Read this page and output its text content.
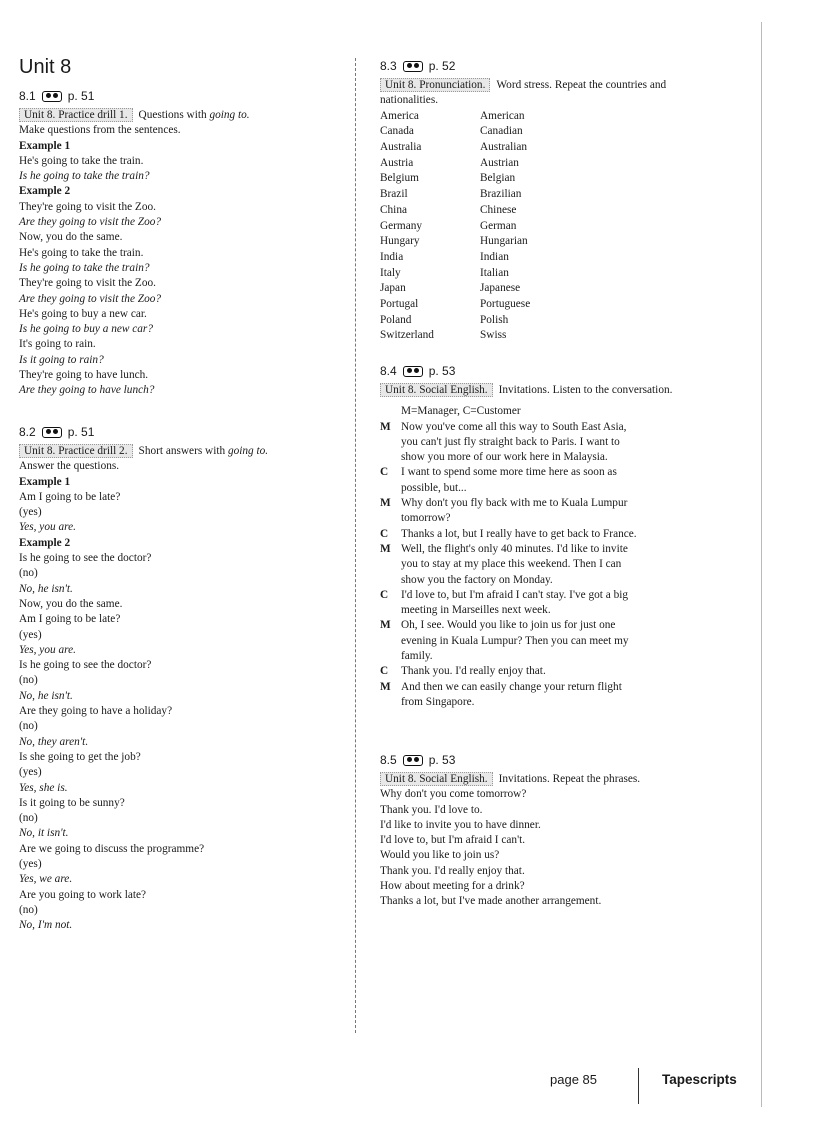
Unit 8
8.1	p. 51
Unit 8. Practice drill 1. Questions with going to.
Make questions from the sentences.
Example 1
He's going to take the train.
Is he going to take the train?
Example 2
They're going to visit the Zoo.
Are they going to visit the Zoo?
Now, you do the same.
He's going to take the train.
Is he going to take the train?
They're going to visit the Zoo.
Are they going to visit the Zoo?
He's going to buy a new car.
Is he going to buy a new car?
It's going to rain.
Is it going to rain?
They're going to have lunch.
Are they going to have lunch?
8.2	p. 51
Unit 8. Practice drill 2. Short answers with going to.
Answer the questions.
Example 1
Am I going to be late?
(yes)
Yes, you are.
Example 2
Is he going to see the doctor?
(no)
No, he isn't.
Now, you do the same.
Am I going to be late?
(yes)
Yes, you are.
Is he going to see the doctor?
(no)
No, he isn't.
Are they going to have a holiday?
(no)
No, they aren't.
Is she going to get the job?
(yes)
Yes, she is.
Is it going to be sunny?
(no)
No, it isn't.
Are we going to discuss the programme?
(yes)
Yes, we are.
Are you going to work late?
(no)
No, I'm not.
8.3	p. 52
Unit 8. Pronunciation. Word stress. Repeat the countries and nationalities.
America	American
Canada	Canadian
Australia	Australian
Austria	Austrian
Belgium	Belgian
Brazil	Brazilian
China	Chinese
Germany	German
Hungary	Hungarian
India	Indian
Italy	Italian
Japan	Japanese
Portugal	Portuguese
Poland	Polish
Switzerland	Swiss
8.4	p. 53
Unit 8. Social English. Invitations. Listen to the conversation.
M=Manager, C=Customer
M Now you've come all this way to South East Asia,
you can't just fly straight back to Paris. I want to
show you more of our work here in Malaysia.
C	I want to spend some more time here as soon as
possible, but...
M Why don't you fly back with me to Kuala Lumpur
tomorrow?
C	Thanks a lot, but I really have to get back to France.
M Well, the flight's only 40 minutes. I'd like to invite
you to stay at my place this weekend. Then I can
show you the factory on Monday.
C	I'd love to, but I'm afraid I can't stay. I've got a big
meeting in Marseilles next week.
M Oh, I see. Would you like to join us for just one
evening in Kuala Lumpur? Then you can meet my
family.
C	Thank you. I'd really enjoy that.
M And then we can easily change your return flight
from Singapore.
8.5	p. 53
Unit 8. Social English. Invitations. Repeat the phrases.
Why don't you come tomorrow?
Thank you. I'd love to.
I'd like to invite you to have dinner.
I'd love to, but I'm afraid I can't.
Would you like to join us?
Thank you. I'd really enjoy that.
How about meeting for a drink?
Thanks a lot, but I've made another arrangement.
page 85	Tapescripts
